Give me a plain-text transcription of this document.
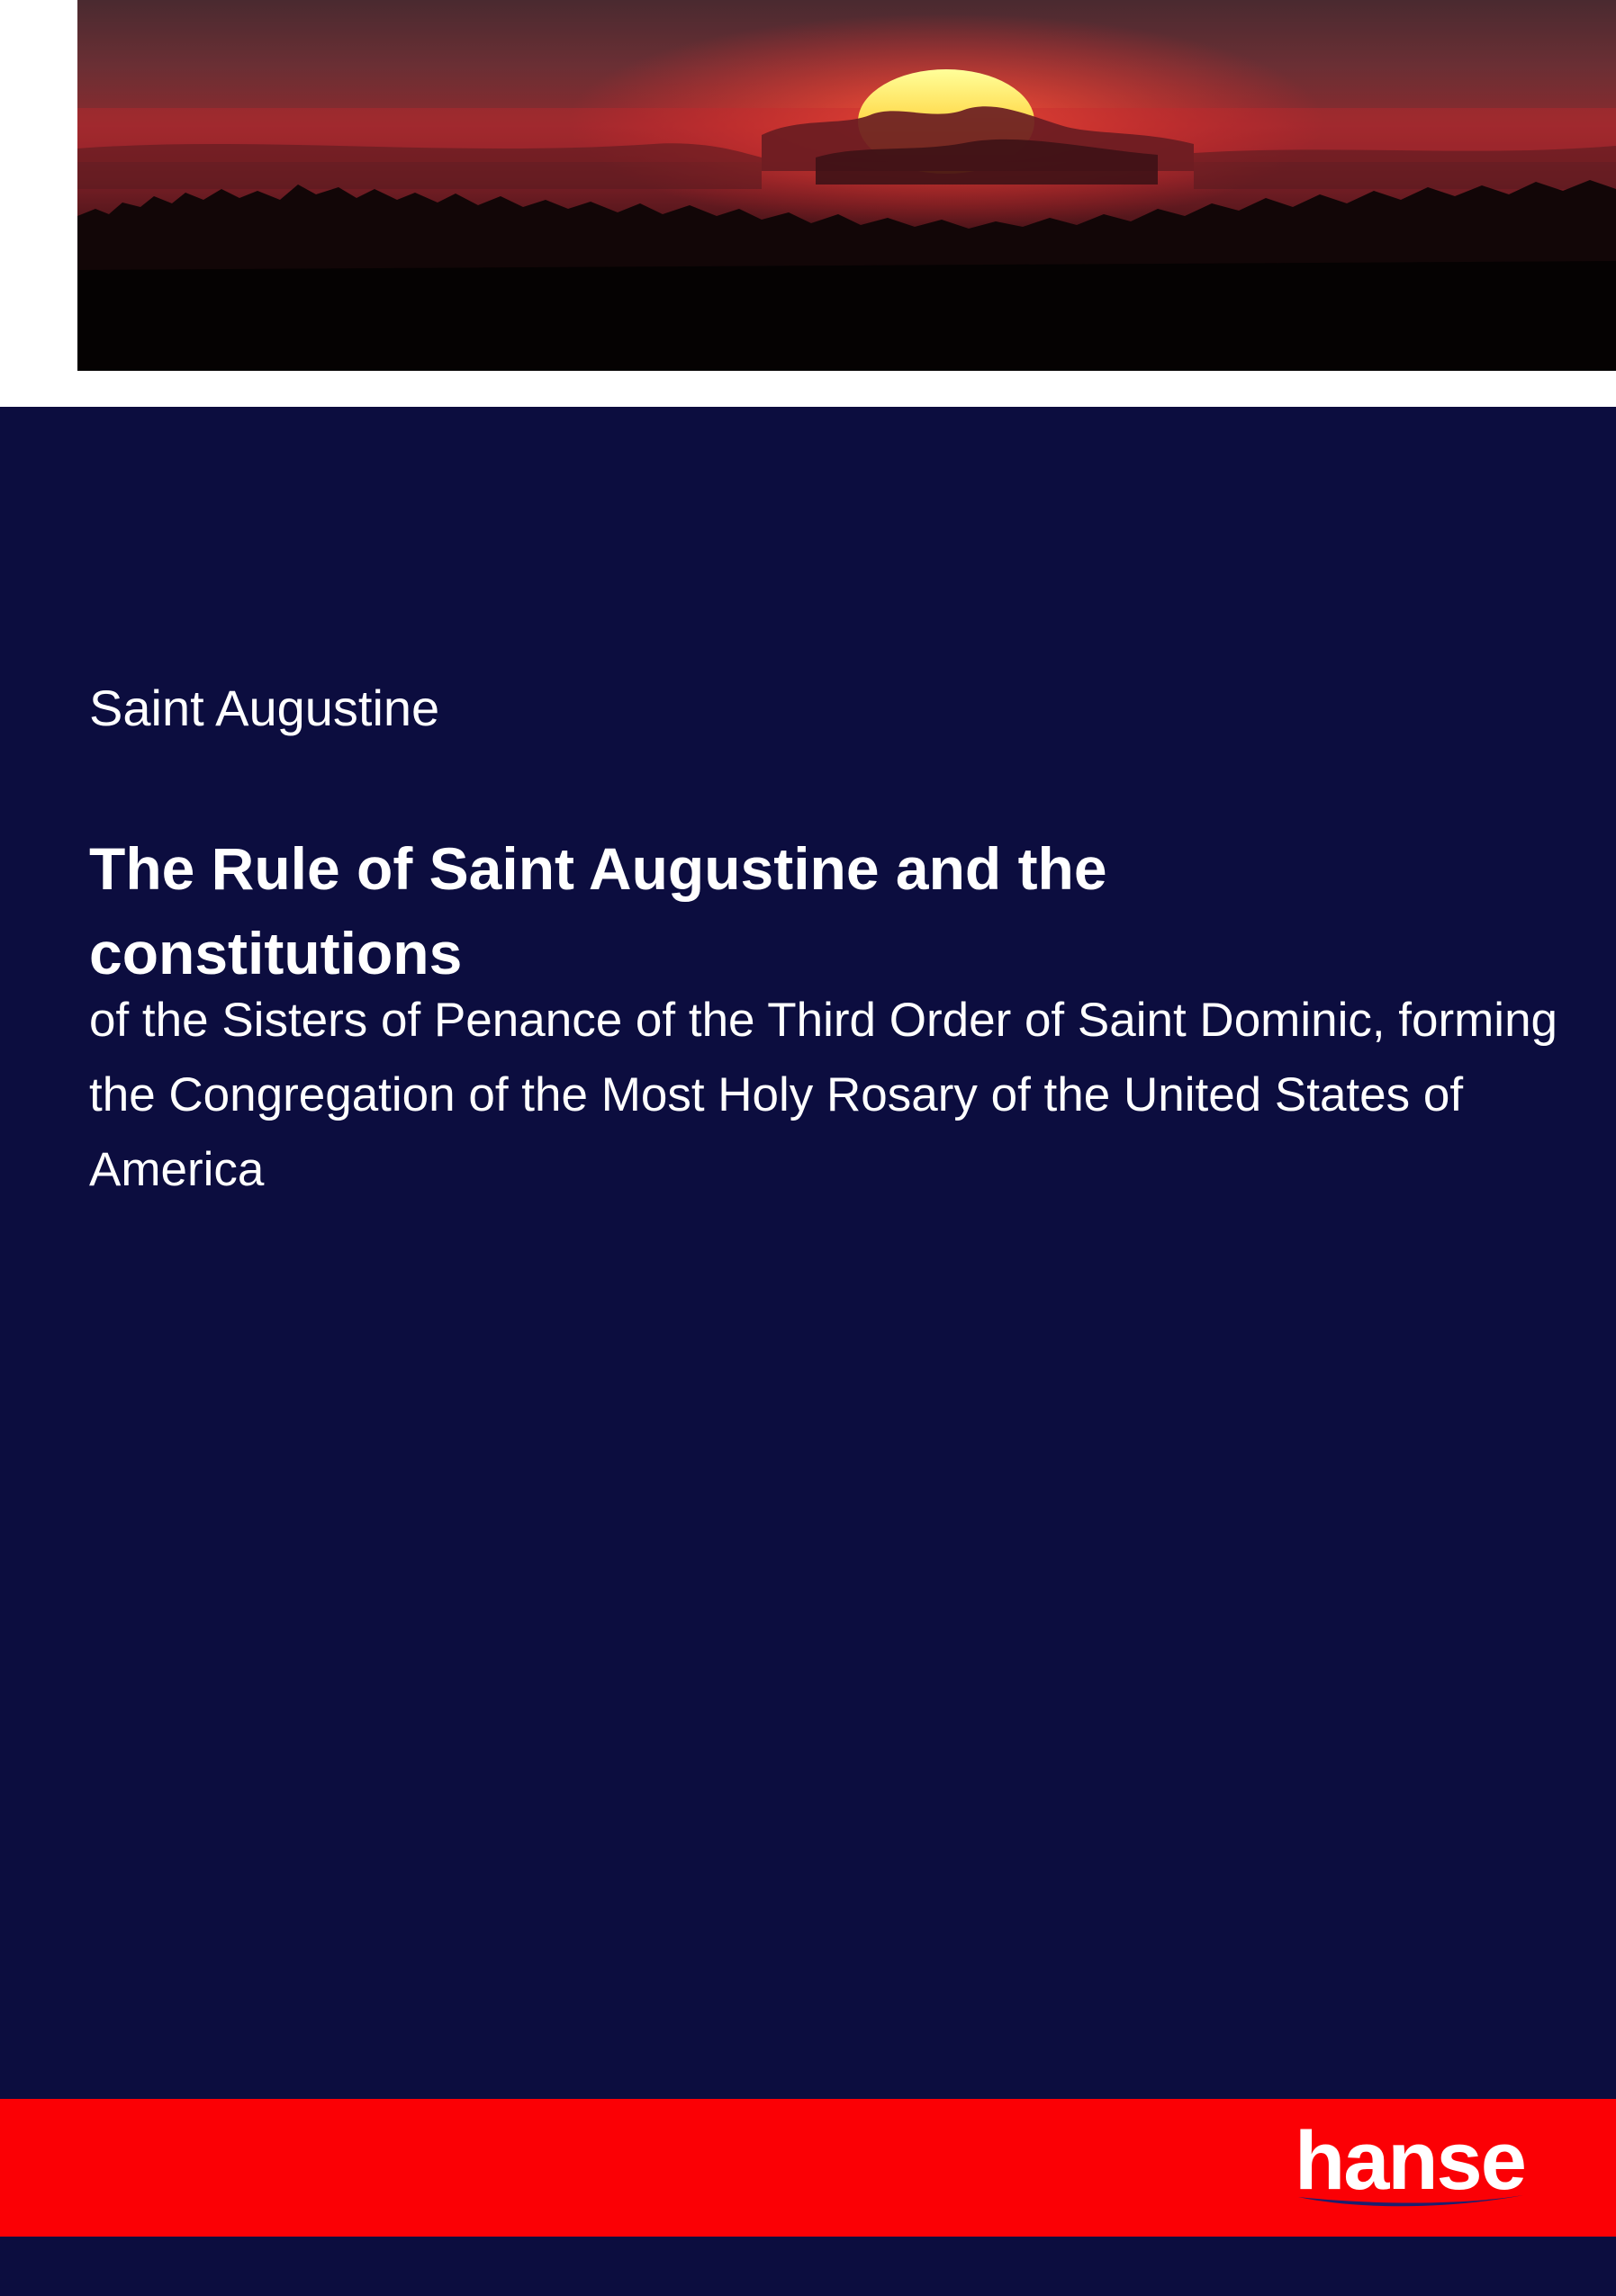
Saint Augustine
The Rule of Saint Augustine and the constitutions
of the Sisters of Penance of the Third Order of Saint Dominic, forming the Congregation of the Most Holy Rosary of the United States of America
hanse
